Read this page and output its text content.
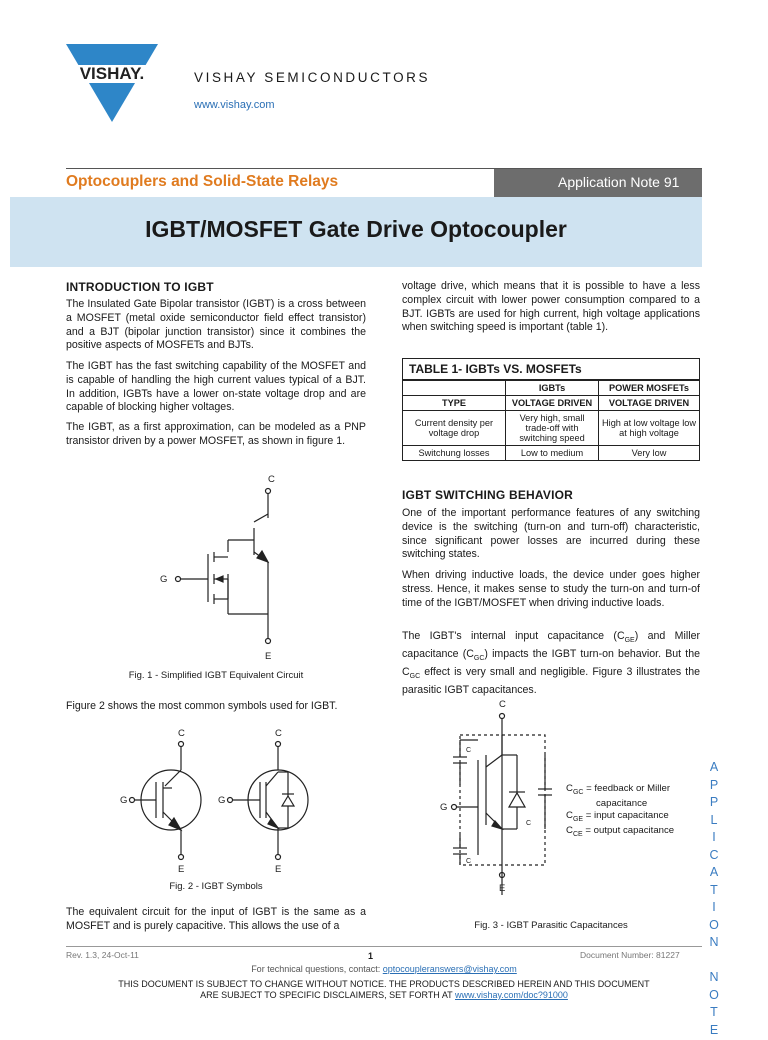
VISHAY.	VISHAY SEMICONDUCTORS
www.vishay.com
Optocouplers and Solid-State Relays	Application Note 91
IGBT/MOSFET Gate Drive Optocoupler
INTRODUCTION TO IGBT

The Insulated Gate Bipolar transistor (IGBT) is a cross between a MOSFET (metal oxide semiconductor field effect transistor) and a BJT (bipolar junction transistor) since it combines the positive aspects of MOSFETs and BJTs.

The IGBT has the fast switching capability of the MOSFET and is capable of handling the high current values typical of a BJT. In addition, IGBTs have a lower on-state voltage drop and are capable of blocking higher voltages.

The IGBT, as a first approximation, can be modeled as a PNP transistor driven by a power MOSFET, as shown in figure 1.

C
E
G
Fig. 1 - Simplified IGBT Equivalent Circuit

Figure 2 shows the most common symbols used for IGBT.

C
E
G
C
E
G
Fig. 2 - IGBT Symbols

The equivalent circuit for the input of IGBT is the same as a MOSFET and is purely capacitive. This allows the use of a

voltage drive, which means that it is possible to have a less complex circuit with lower power consumption compared to a BJT. IGBTs are used for high current, high voltage applications when switching speed is important (table 1).

TABLE 1- IGBTs VS. MOSFETs		
	IGBTs	POWER MOSFETs
TYPE	VOLTAGE DRIVEN	VOLTAGE DRIVEN
Current density per voltage drop	Very high, small trade-off with switching speed	High at low voltage low at high voltage
Switchung losses	Low to medium	Very low
IGBT SWITCHING BEHAVIOR

One of the important performance features of any switching device is the switching (turn-on and turn-off) characteristic, since significant power losses are incurred during these switching states.

When driving inductive loads, the device under goes higher stress. Hence, it makes sense to study the turn-on and turn-of time of the IGBT/MOSFET when driving inductive loads.

The IGBT's internal input capacitance $(C_{GE})$ and Miller capacitance $(C_{GC})$ impacts the IGBT turn-on behavior. But the $C_{GC}$ effect is very small and negligible. Figure 3 illustrates the parasitic IGBT capacitances.

C
C
G
C
C
E
$C_{GC}$ = feedback or Miller
capacitance
$C_{GE}$ = input capacitance
$C_{CE}$ = output capacitance
Fig. 3 - IGBT Parasitic Capacitances
A
P
P
L
I
C
A
T
I
O
N

N
O
T
E
Rev. 1.3, 24-Oct-11	1	Document Number: 81227
For technical questions, contact: optocoupleranswers@vishay.com
THIS DOCUMENT IS SUBJECT TO CHANGE WITHOUT NOTICE. THE PRODUCTS DESCRIBED HEREIN AND THIS DOCUMENT
ARE SUBJECT TO SPECIFIC DISCLAIMERS, SET FORTH AT www.vishay.com/doc?91000
